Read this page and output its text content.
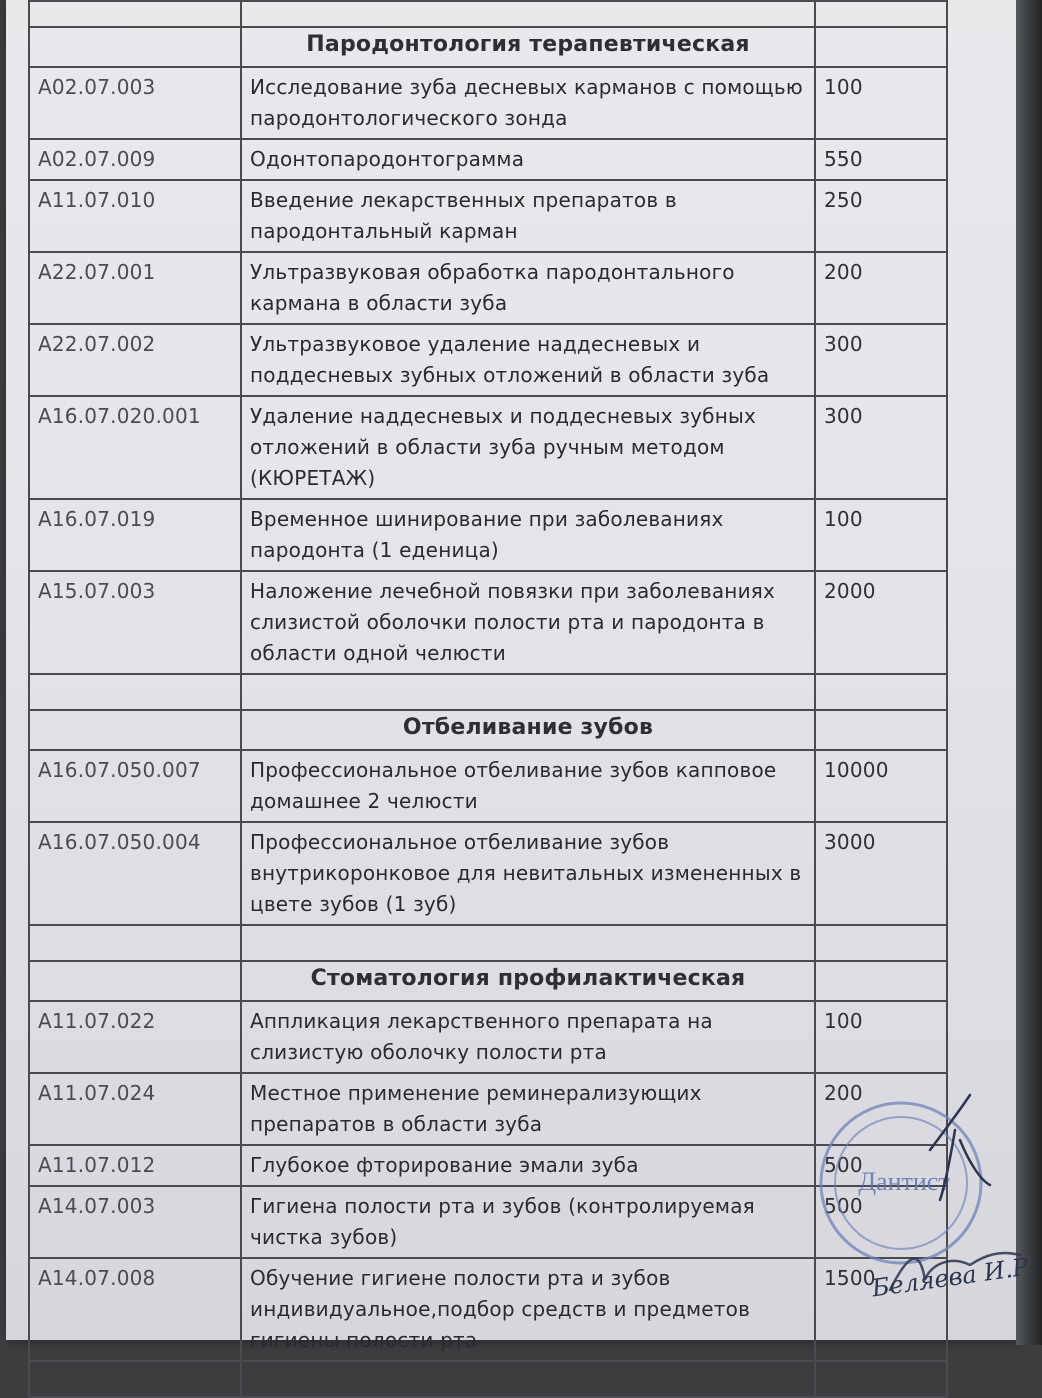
	Пародонтология терапевтическая	
A02.07.003	Исследование зуба десневых карманов с помощью пародонтологического зонда	100
A02.07.009	Одонтопародонтограмма	550
A11.07.010	Введение лекарственных препаратов в пародонтальный карман	250
A22.07.001	Ультразвуковая обработка пародонтального кармана в области зуба	200
A22.07.002	Ультразвуковое удаление наддесневых и поддесневых зубных отложений в области зуба	300
A16.07.020.001	Удаление наддесневых и поддесневых зубных отложений в области зуба ручным методом (КЮРЕТАЖ)	300
A16.07.019	Временное шинирование при заболеваниях пародонта (1 еденица)	100
A15.07.003	Наложение лечебной повязки при заболеваниях слизистой оболочки полости рта и пародонта в области одной челюсти	2000

	Отбеливание зубов	
A16.07.050.007	Профессиональное отбеливание зубов капповое домашнее 2 челюсти	10000
A16.07.050.004	Профессиональное отбеливание зубов внутрикоронковое для невитальных измененных в цвете зубов (1 зуб)	3000

	Стоматология профилактическая	
A11.07.022	Аппликация лекарственного препарата на слизистую оболочку полости рта	100
A11.07.024	Местное применение реминерализующих препаратов в области зуба	200
A11.07.012	Глубокое фторирование эмали зуба	500
A14.07.003	Гигиена полости рта и зубов (контролируемая чистка зубов)	500
A14.07.008	Обучение гигиене полости рта и зубов индивидуальное,подбор средств и предметов гигиены полости рта	1500

Дантист
Беляева И.Р.
